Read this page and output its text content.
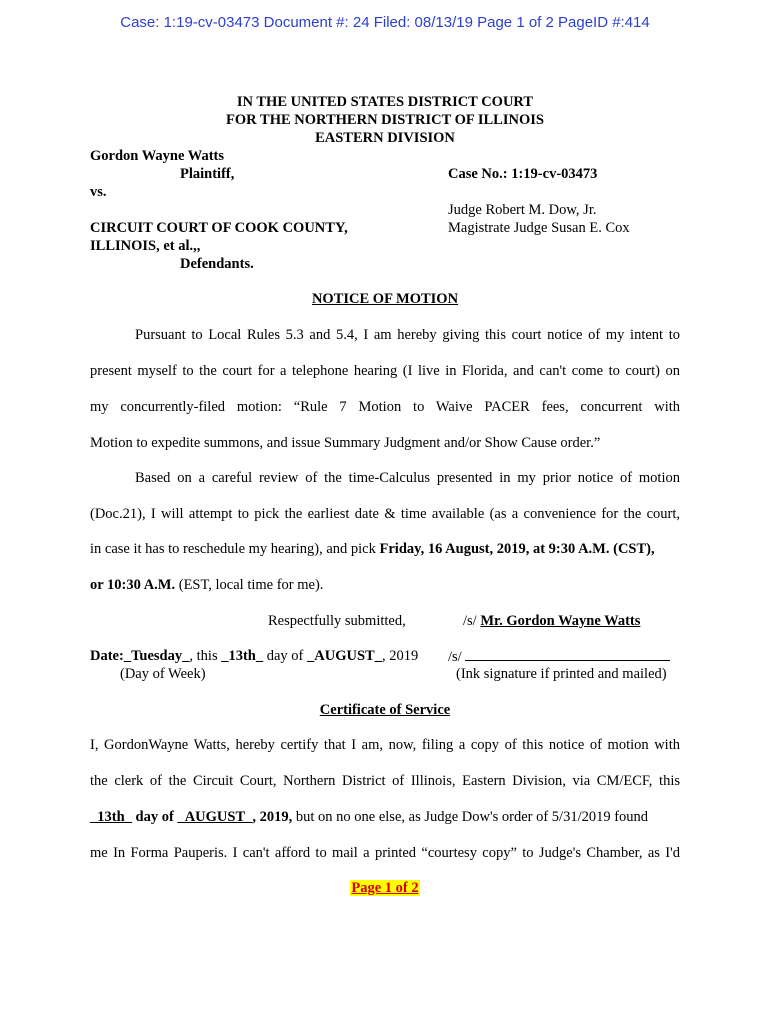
Case: 1:19-cv-03473 Document #: 24 Filed: 08/13/19 Page 1 of 2 PageID #:414
IN THE UNITED STATES DISTRICT COURT
FOR THE NORTHERN DISTRICT OF ILLINOIS
EASTERN DIVISION
Gordon Wayne Watts
Plaintiff,	Case No.: 1:19-cv-03473
vs.
Judge Robert M. Dow, Jr.
CIRCUIT COURT OF COOK COUNTY,	Magistrate Judge Susan E. Cox
ILLINOIS, et al.,,
Defendants.
NOTICE OF MOTION
Pursuant to Local Rules 5.3 and 5.4, I am hereby giving this court notice of my intent to
present myself to the court for a telephone hearing (I live in Florida, and can't come to court) on
my concurrently-filed motion: “Rule 7 Motion to Waive PACER fees, concurrent with
Motion to expedite summons, and issue Summary Judgment and/or Show Cause order.”
Based on a careful review of the time-Calculus presented in my prior notice of motion
(Doc.21), I will attempt to pick the earliest date & time available (as a convenience for the court,
in case it has to reschedule my hearing), and pick Friday, 16 August, 2019, at 9:30 A.M. (CST),
or 10:30 A.M. (EST, local time for me).
Respectfully submitted,	/s/ Mr. Gordon Wayne Watts
Date:_Tuesday_, this _13th_ day of _AUGUST_, 2019 /s/
(Day of Week)	(Ink signature if printed and mailed)
Certificate of Service
I, GordonWayne Watts, hereby certify that I am, now, filing a copy of this notice of motion with
the clerk of the Circuit Court, Northern District of Illinois, Eastern Division, via CM/ECF, this
_13th_ day of _AUGUST_, 2019, but on no one else, as Judge Dow's order of 5/31/2019 found
me In Forma Pauperis. I can't afford to mail a printed “courtesy copy” to Judge's Chamber, as I'd
Page 1 of 2
